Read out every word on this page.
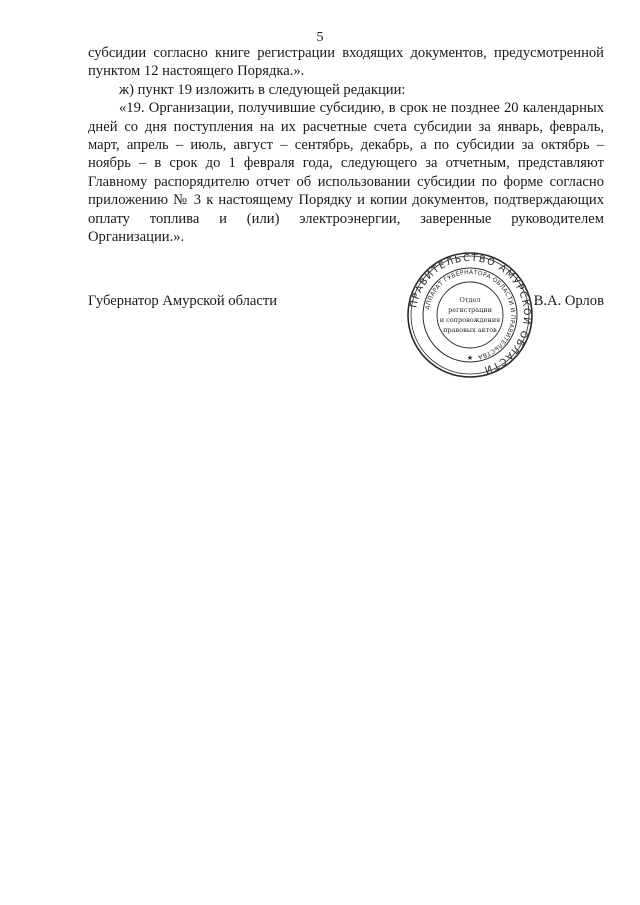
5

субсидии согласно книге регистрации входящих документов, предусмотренной пунктом 12 настоящего Порядка.».

ж) пункт 19 изложить в следующей редакции:

«19. Организации, получившие субсидию, в срок не позднее 20 календарных дней со дня поступления на их расчетные счета субсидии за январь, февраль, март, апрель – июль, август – сентябрь, декабрь, а по субсидии за октябрь – ноябрь – в срок до 1 февраля года, следующего за отчетным, представляют Главному распорядителю отчет об использовании субсидии по форме согласно приложению № 3 к настоящему Порядку и копии документов, подтверждающих оплату топлива и (или) электроэнергии, заверенные руководителем Организации.».

Губернатор Амурской области	В.А. Орлов
ПРАВИТЕЛЬСТВО АМУРСКОЙ ОБЛАСТИ
АППАРАТ ГУБЕРНАТОРА ОБЛАСТИ И ПРАВИТЕЛЬСТВА
Отдел
регистрации
и сопровождения
правовых актов
★
